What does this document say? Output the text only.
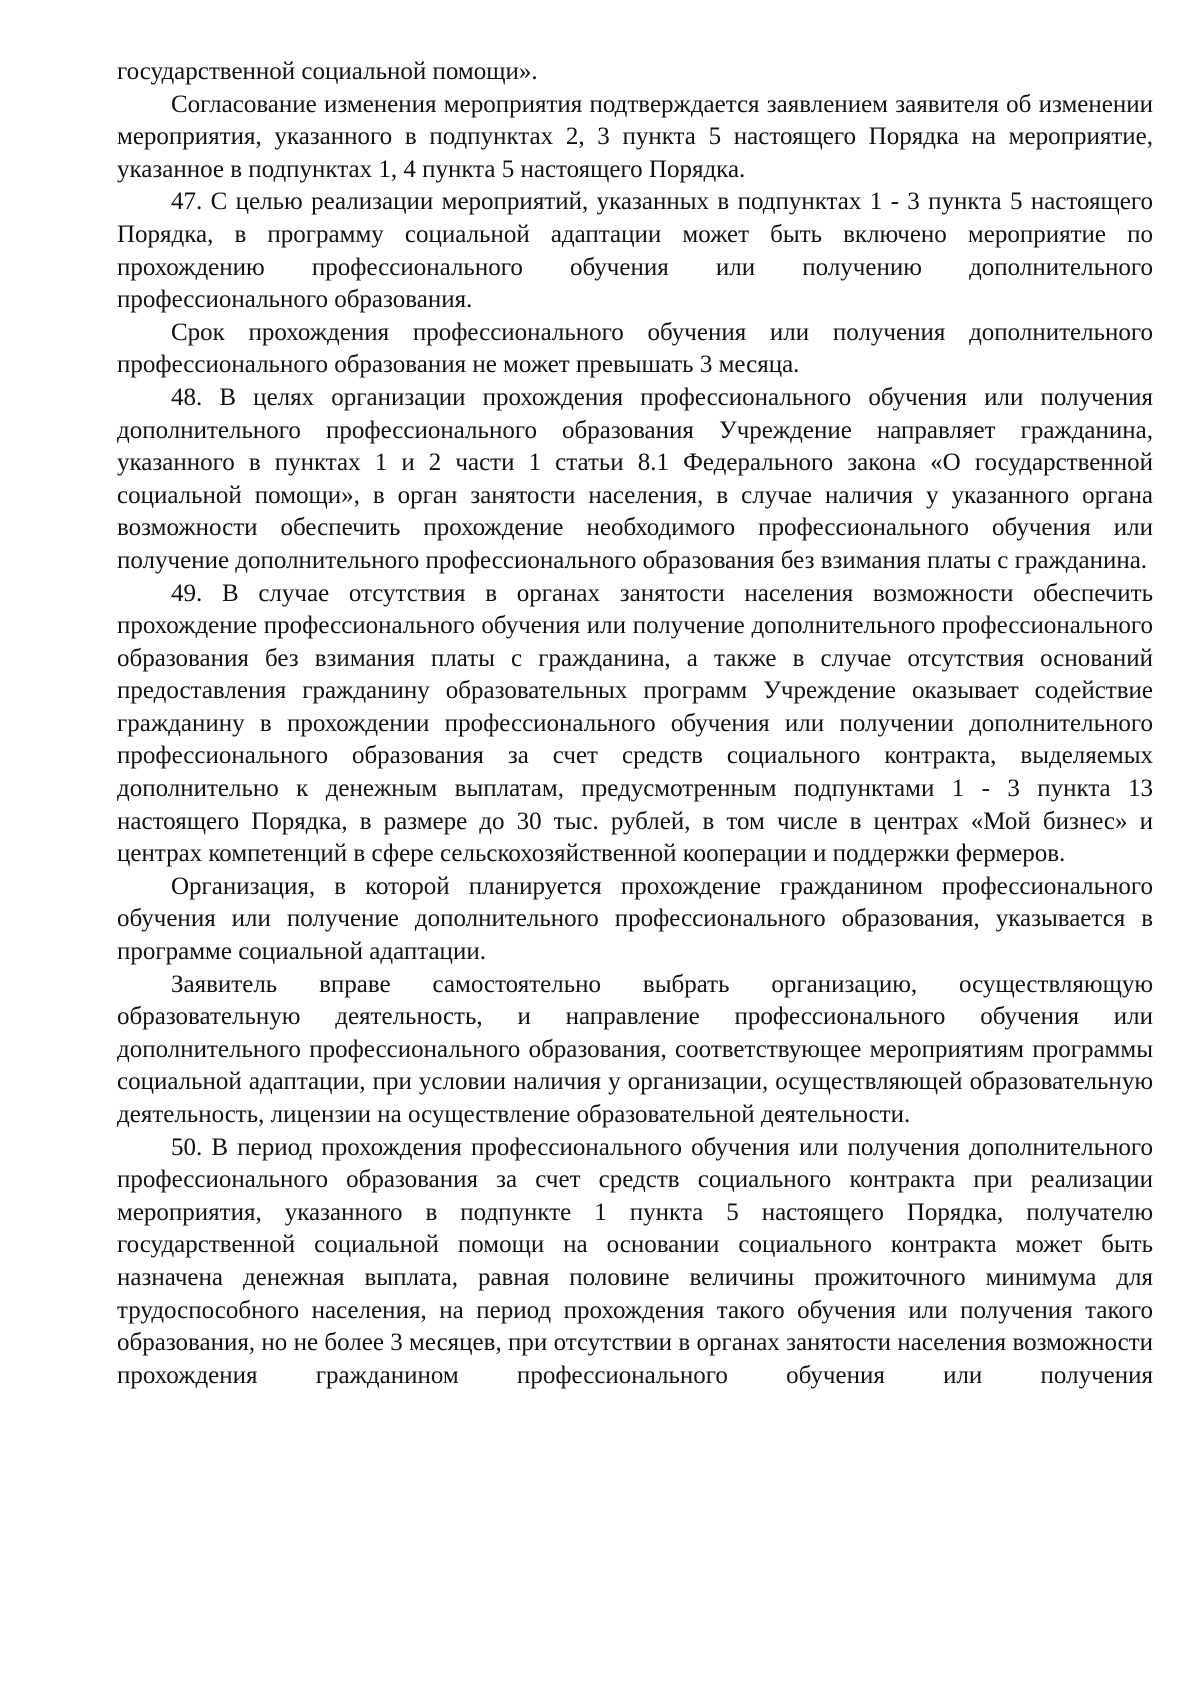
государственной социальной помощи».

Согласование изменения мероприятия подтверждается заявлением заявителя об изменении мероприятия, указанного в подпунктах 2, 3 пункта 5 настоящего Порядка на мероприятие, указанное в подпунктах 1, 4 пункта 5 настоящего Порядка.

47. С целью реализации мероприятий, указанных в подпунктах 1 - 3 пункта 5 настоящего Порядка, в программу социальной адаптации может быть включено мероприятие по прохождению профессионального обучения или получению дополнительного профессионального образования.

Срок прохождения профессионального обучения или получения дополнительного профессионального образования не может превышать 3 месяца.

48. В целях организации прохождения профессионального обучения или получения дополнительного профессионального образования Учреждение направляет гражданина, указанного в пунктах 1 и 2 части 1 статьи 8.1 Федерального закона «О государственной социальной помощи», в орган занятости населения, в случае наличия у указанного органа возможности обеспечить прохождение необходимого профессионального обучения или получение дополнительного профессионального образования без взимания платы с гражданина.

49. В случае отсутствия в органах занятости населения возможности обеспечить прохождение профессионального обучения или получение дополнительного профессионального образования без взимания платы с гражданина, а также в случае отсутствия оснований предоставления гражданину образовательных программ Учреждение оказывает содействие гражданину в прохождении профессионального обучения или получении дополнительного профессионального образования за счет средств социального контракта, выделяемых дополнительно к денежным выплатам, предусмотренным подпунктами 1 - 3 пункта 13 настоящего Порядка, в размере до 30 тыс. рублей, в том числе в центрах «Мой бизнес» и центрах компетенций в сфере сельскохозяйственной кооперации и поддержки фермеров.

Организация, в которой планируется прохождение гражданином профессионального обучения или получение дополнительного профессионального образования, указывается в программе социальной адаптации.

Заявитель вправе самостоятельно выбрать организацию, осуществляющую образовательную деятельность, и направление профессионального обучения или дополнительного профессионального образования, соответствующее мероприятиям программы социальной адаптации, при условии наличия у организации, осуществляющей образовательную деятельность, лицензии на осуществление образовательной деятельности.

50. В период прохождения профессионального обучения или получения дополнительного профессионального образования за счет средств социального контракта при реализации мероприятия, указанного в подпункте 1 пункта 5 настоящего Порядка, получателю государственной социальной помощи на основании социального контракта может быть назначена денежная выплата, равная половине величины прожиточного минимума для трудоспособного населения, на период прохождения такого обучения или получения такого образования, но не более 3 месяцев, при отсутствии в органах занятости населения возможности прохождения гражданином профессионального обучения или получения
